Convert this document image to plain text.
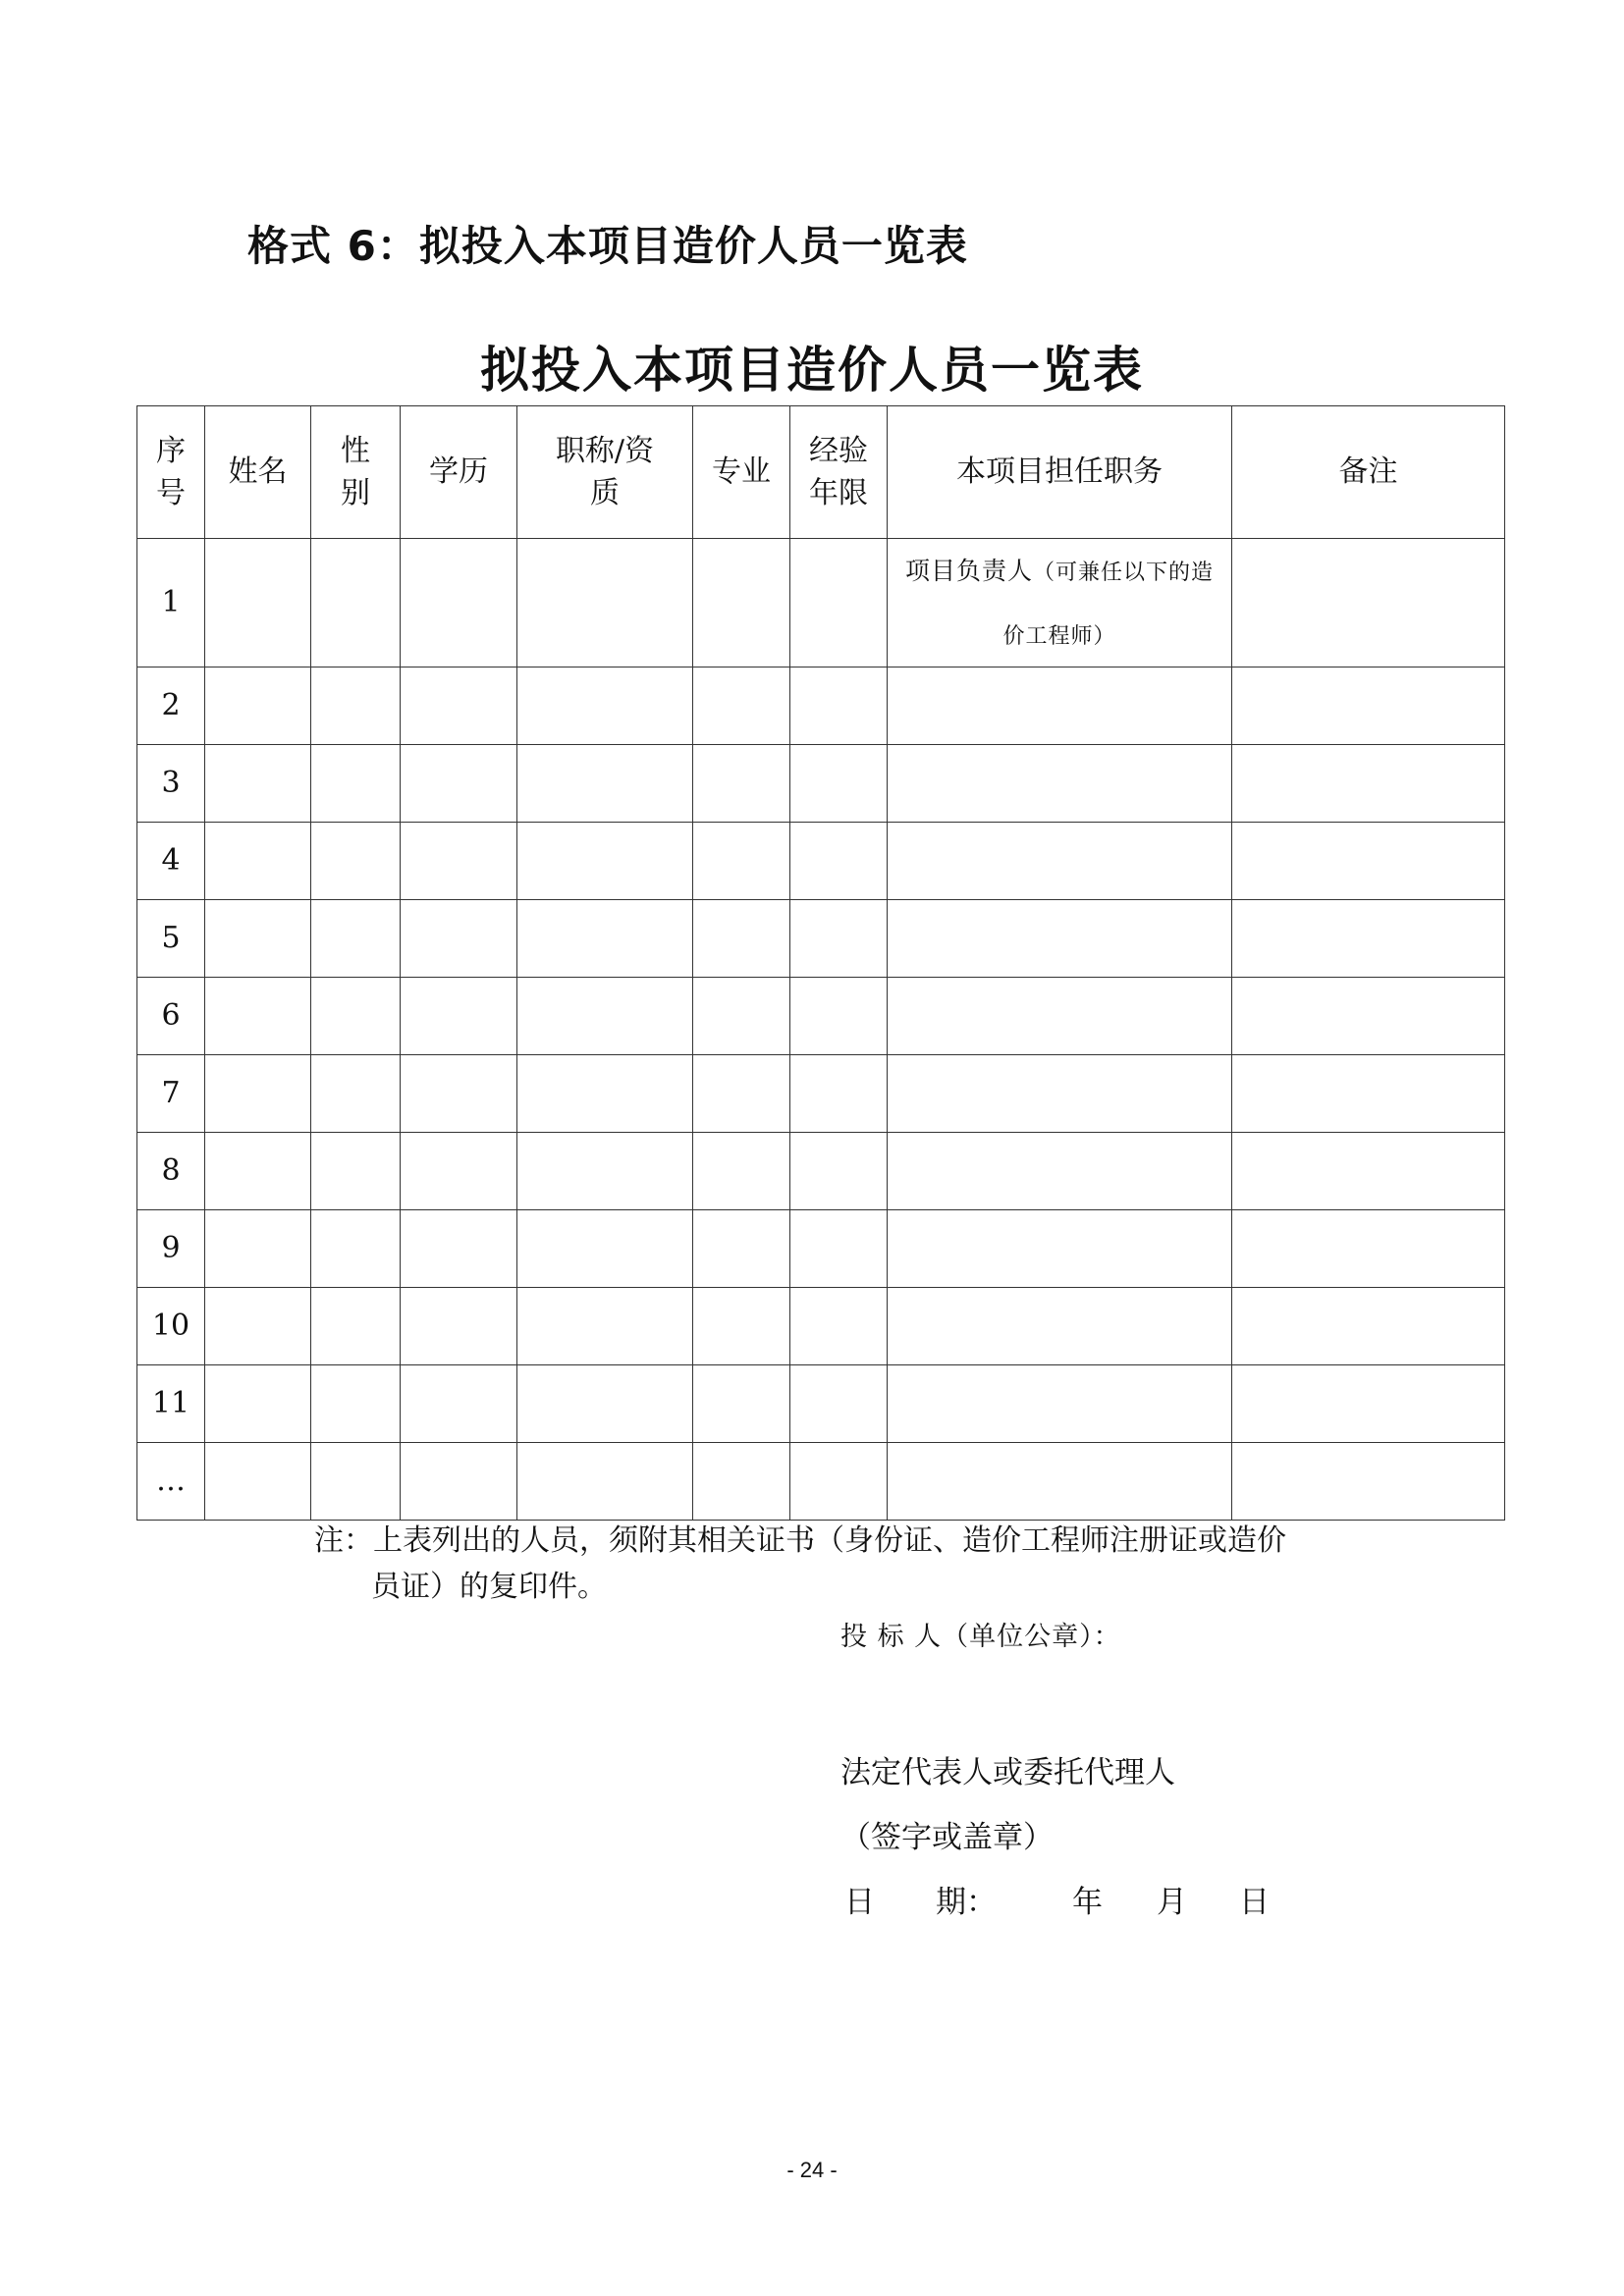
格式 6：拟投入本项目造价人员一览表
拟投入本项目造价人员一览表
序号	姓名	性别	学历	职称/资质	专业	经验年限	本项目担任职务	备注
1							项目负责人（可兼任以下的造价工程师）	
2								
3								
4								
5								
6								
7								
8								
9								
10								
11								
…								
注：上表列出的人员，须附其相关证书（身份证、造价工程师注册证或造价
员证）的复印件。
投 标 人（单位公章）：
法定代表人或委托代理人
（签字或盖章）
日　　期： 年 月 日
- 24 -
